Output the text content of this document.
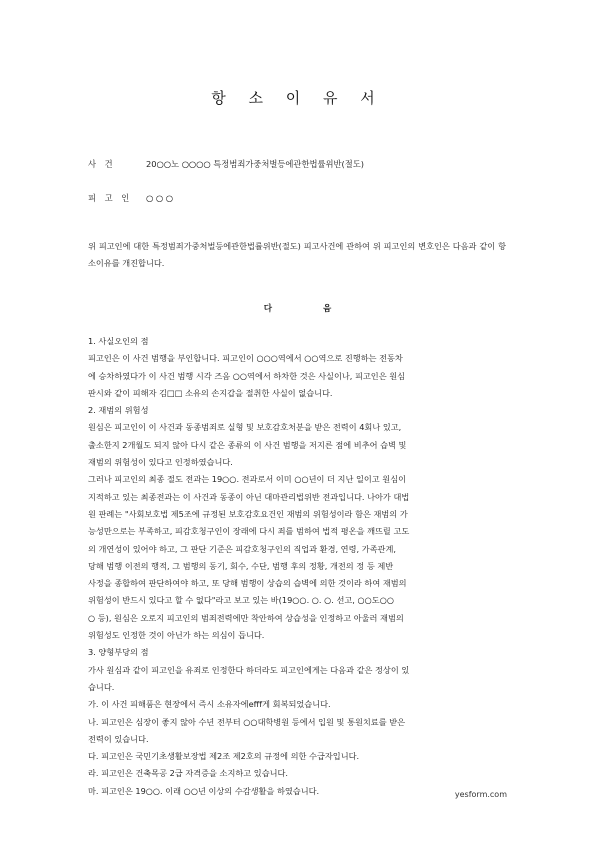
항 소 이 유 서
사 건	20○○노 ○○○○ 특정범죄가중처벌등에관한법률위반(절도)
피 고 인 ○ ○ ○
위 피고인에 대한 특정범죄가중처벌등에관한법률위반(절도) 피고사건에 관하여 위 피고인의 변호인은 다음과 같이 항소이유를 개진합니다.
다 음
1. 사실오인의 점
피고인은 이 사건 범행을 부인합니다. 피고인이 ○○○역에서 ○○역으로 진행하는 전동차
에 승차하였다가 이 사건 범행 시각 즈음 ○○역에서 하차한 것은 사실이나, 피고인은 원심
판시와 같이 피해자 김□□ 소유의 손지갑을 절취한 사실이 없습니다.
2. 재범의 위험성
원심은 피고인이 이 사건과 동종범죄로 실형 및 보호감호처분을 받은 전력이 4회나 있고,
출소한지 2개월도 되지 않아 다시 같은 종류의 이 사건 범행을 저지른 점에 비추어 습벽 및
재범의 위험성이 있다고 인정하였습니다.
그러나 피고인의 최종 절도 전과는 19○○. 전과로서 이미 ○○년이 더 지난 일이고 원심이
지적하고 있는 최종전과는 이 사건과 동종이 아닌 대마관리법위반 전과입니다. 나아가 대법
원 판례는 "사회보호법 제5조에 규정된 보호감호요건인 재범의 위험성이라 함은 재범의 가
능성만으로는 부족하고, 피감호청구인이 장래에 다시 죄를 범하여 법적 평온을 깨뜨릴 고도
의 개연성이 있어야 하고, 그 판단 기준은 피감호청구인의 직업과 환경, 연령, 가족관계,
당해 범행 이전의 행적, 그 범행의 동기, 회수, 수단, 범행 후의 정황, 개전의 정 등 제반
사정을 종합하여 판단하여야 하고, 또 당해 범행이 상습의 습벽에 의한 것이라 하여 재범의
위험성이 반드시 있다고 할 수 없다"라고 보고 있는 바(19○○. ○. ○. 선고, ○○도○○
○ 등), 원심은 오로지 피고인의 범죄전력에만 착안하여 상습성을 인정하고 아울러 재범의
위험성도 인정한 것이 아닌가 하는 의심이 듭니다.
3. 양형부당의 점
가사 원심과 같이 피고인을 유죄로 인정한다 하더라도 피고인에게는 다음과 같은 정상이 있
습니다.
가. 이 사건 피해품은 현장에서 즉시 소유자에efff게 회복되었습니다.
나. 피고인은 심장이 좋지 않아 수년 전부터 ○○대학병원 등에서 입원 및 통원치료를 받은
전력이 있습니다.
다. 피고인은 국민기초생활보장법 제2조 제2호의 규정에 의한 수급자입니다.
라. 피고인은 건축목공 2급 자격증을 소지하고 있습니다.
마. 피고인은 19○○. 이래 ○○년 이상의 수감생활을 하였습니다.	yesform.com
